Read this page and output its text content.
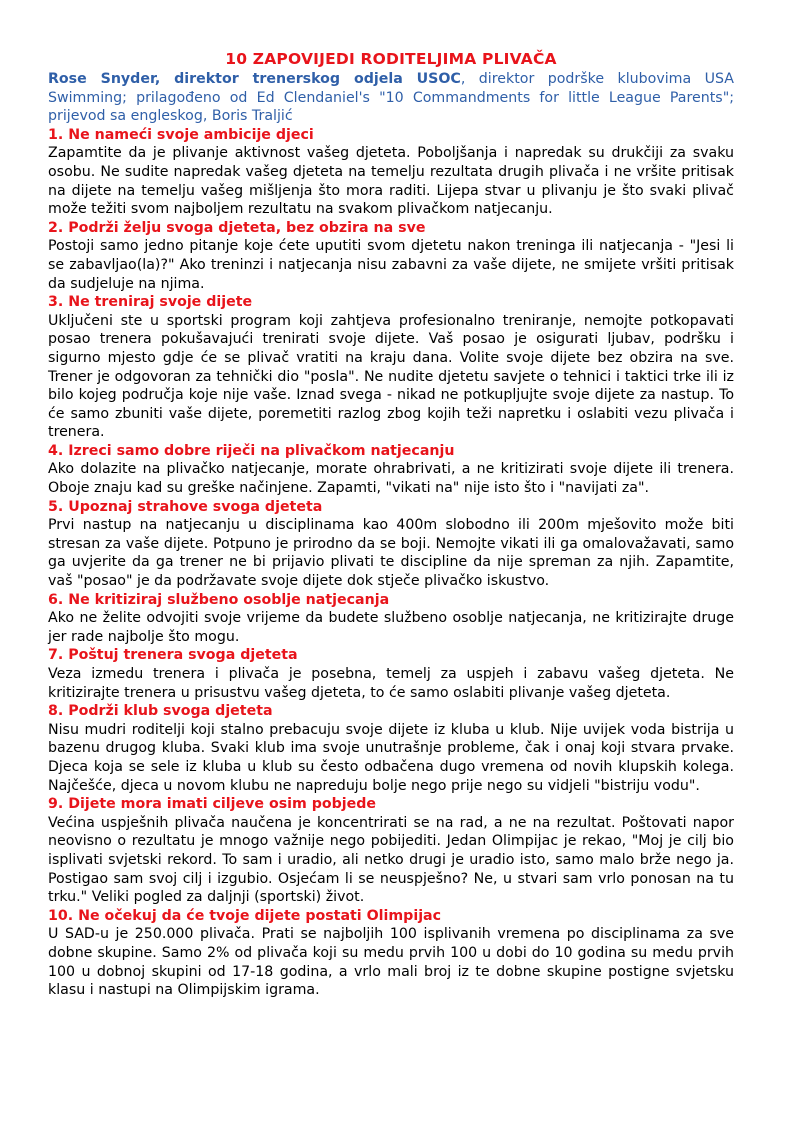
10 ZAPOVIJEDI RODITELJIMA PLIVAČA

Rose Snyder, direktor trenerskog odjela USOC, direktor podrške klubovima USA Swimming; prilagođeno od Ed Clendaniel's "10 Commandments for little League Parents"; prijevod sa engleskog, Boris Traljić

1. Ne nameći svoje ambicije djeci

Zapamtite da je plivanje aktivnost vašeg djeteta. Poboljšanja i napredak su drukčiji za svaku osobu. Ne sudite napredak vašeg djeteta na temelju rezultata drugih plivača i ne vršite pritisak na dijete na temelju vašeg mišljenja što mora raditi. Lijepa stvar u plivanju je što svaki plivač može težiti svom najboljem rezultatu na svakom plivačkom natjecanju.

2. Podrži želju svoga djeteta, bez obzira na sve

Postoji samo jedno pitanje koje ćete uputiti svom djetetu nakon treninga ili natjecanja - "Jesi li se zabavljao(la)?" Ako treninzi i natjecanja nisu zabavni za vaše dijete, ne smijete vršiti pritisak da sudjeluje na njima.

3. Ne treniraj svoje dijete

Uključeni ste u sportski program koji zahtjeva profesionalno treniranje, nemojte potkopavati posao trenera pokušavajući trenirati svoje dijete. Vaš posao je osigurati ljubav, podršku i sigurno mjesto gdje će se plivač vratiti na kraju dana. Volite svoje dijete bez obzira na sve. Trener je odgovoran za tehnički dio "posla". Ne nudite djetetu savjete o tehnici i taktici trke ili iz bilo kojeg područja koje nije vaše. Iznad svega - nikad ne potkupljujte svoje dijete za nastup. To će samo zbuniti vaše dijete, poremetiti razlog zbog kojih teži napretku i oslabiti vezu plivača i trenera.

4. Izreci samo dobre riječi na plivačkom natjecanju

Ako dolazite na plivačko natjecanje, morate ohrabrivati, a ne kritizirati svoje dijete ili trenera. Oboje znaju kad su greške načinjene. Zapamti, "vikati na" nije isto što i "navijati za".

5. Upoznaj strahove svoga djeteta

Prvi nastup na natjecanju u disciplinama kao 400m slobodno ili 200m mješovito može biti stresan za vaše dijete. Potpuno je prirodno da se boji. Nemojte vikati ili ga omalovažavati, samo ga uvjerite da ga trener ne bi prijavio plivati te discipline da nije spreman za njih. Zapamtite, vaš "posao" je da podržavate svoje dijete dok stječe plivačko iskustvo.

6. Ne kritiziraj službeno osoblje natjecanja

Ako ne želite odvojiti svoje vrijeme da budete službeno osoblje natjecanja, ne kritizirajte druge jer rade najbolje što mogu.

7. Poštuj trenera svoga djeteta

Veza izmedu trenera i plivača je posebna, temelj za uspjeh i zabavu vašeg djeteta. Ne kritizirajte trenera u prisustvu vašeg djeteta, to će samo oslabiti plivanje vašeg djeteta.

8. Podrži klub svoga djeteta

Nisu mudri roditelji koji stalno prebacuju svoje dijete iz kluba u klub. Nije uvijek voda bistrija u bazenu drugog kluba. Svaki klub ima svoje unutrašnje probleme, čak i onaj koji stvara prvake. Djeca koja se sele iz kluba u klub su često odbačena dugo vremena od novih klupskih kolega. Najčešće, djeca u novom klubu ne napreduju bolje nego prije nego su vidjeli "bistriju vodu".

9. Dijete mora imati ciljeve osim pobjede

Većina uspješnih plivača naučena je koncentrirati se na rad, a ne na rezultat. Poštovati napor neovisno o rezultatu je mnogo važnije nego pobijediti. Jedan Olimpijac je rekao, "Moj je cilj bio isplivati svjetski rekord. To sam i uradio, ali netko drugi je uradio isto, samo malo brže nego ja. Postigao sam svoj cilj i izgubio. Osjećam li se neuspješno? Ne, u stvari sam vrlo ponosan na tu trku." Veliki pogled za daljnji (sportski) život.

10. Ne očekuj da će tvoje dijete postati Olimpijac

U SAD-u je 250.000 plivača. Prati se najboljih 100 isplivanih vremena po disciplinama za sve dobne skupine. Samo 2% od plivača koji su medu prvih 100 u dobi do 10 godina su medu prvih 100 u dobnoj skupini od 17-18 godina, a vrlo mali broj iz te dobne skupine postigne svjetsku klasu i nastupi na Olimpijskim igrama.
